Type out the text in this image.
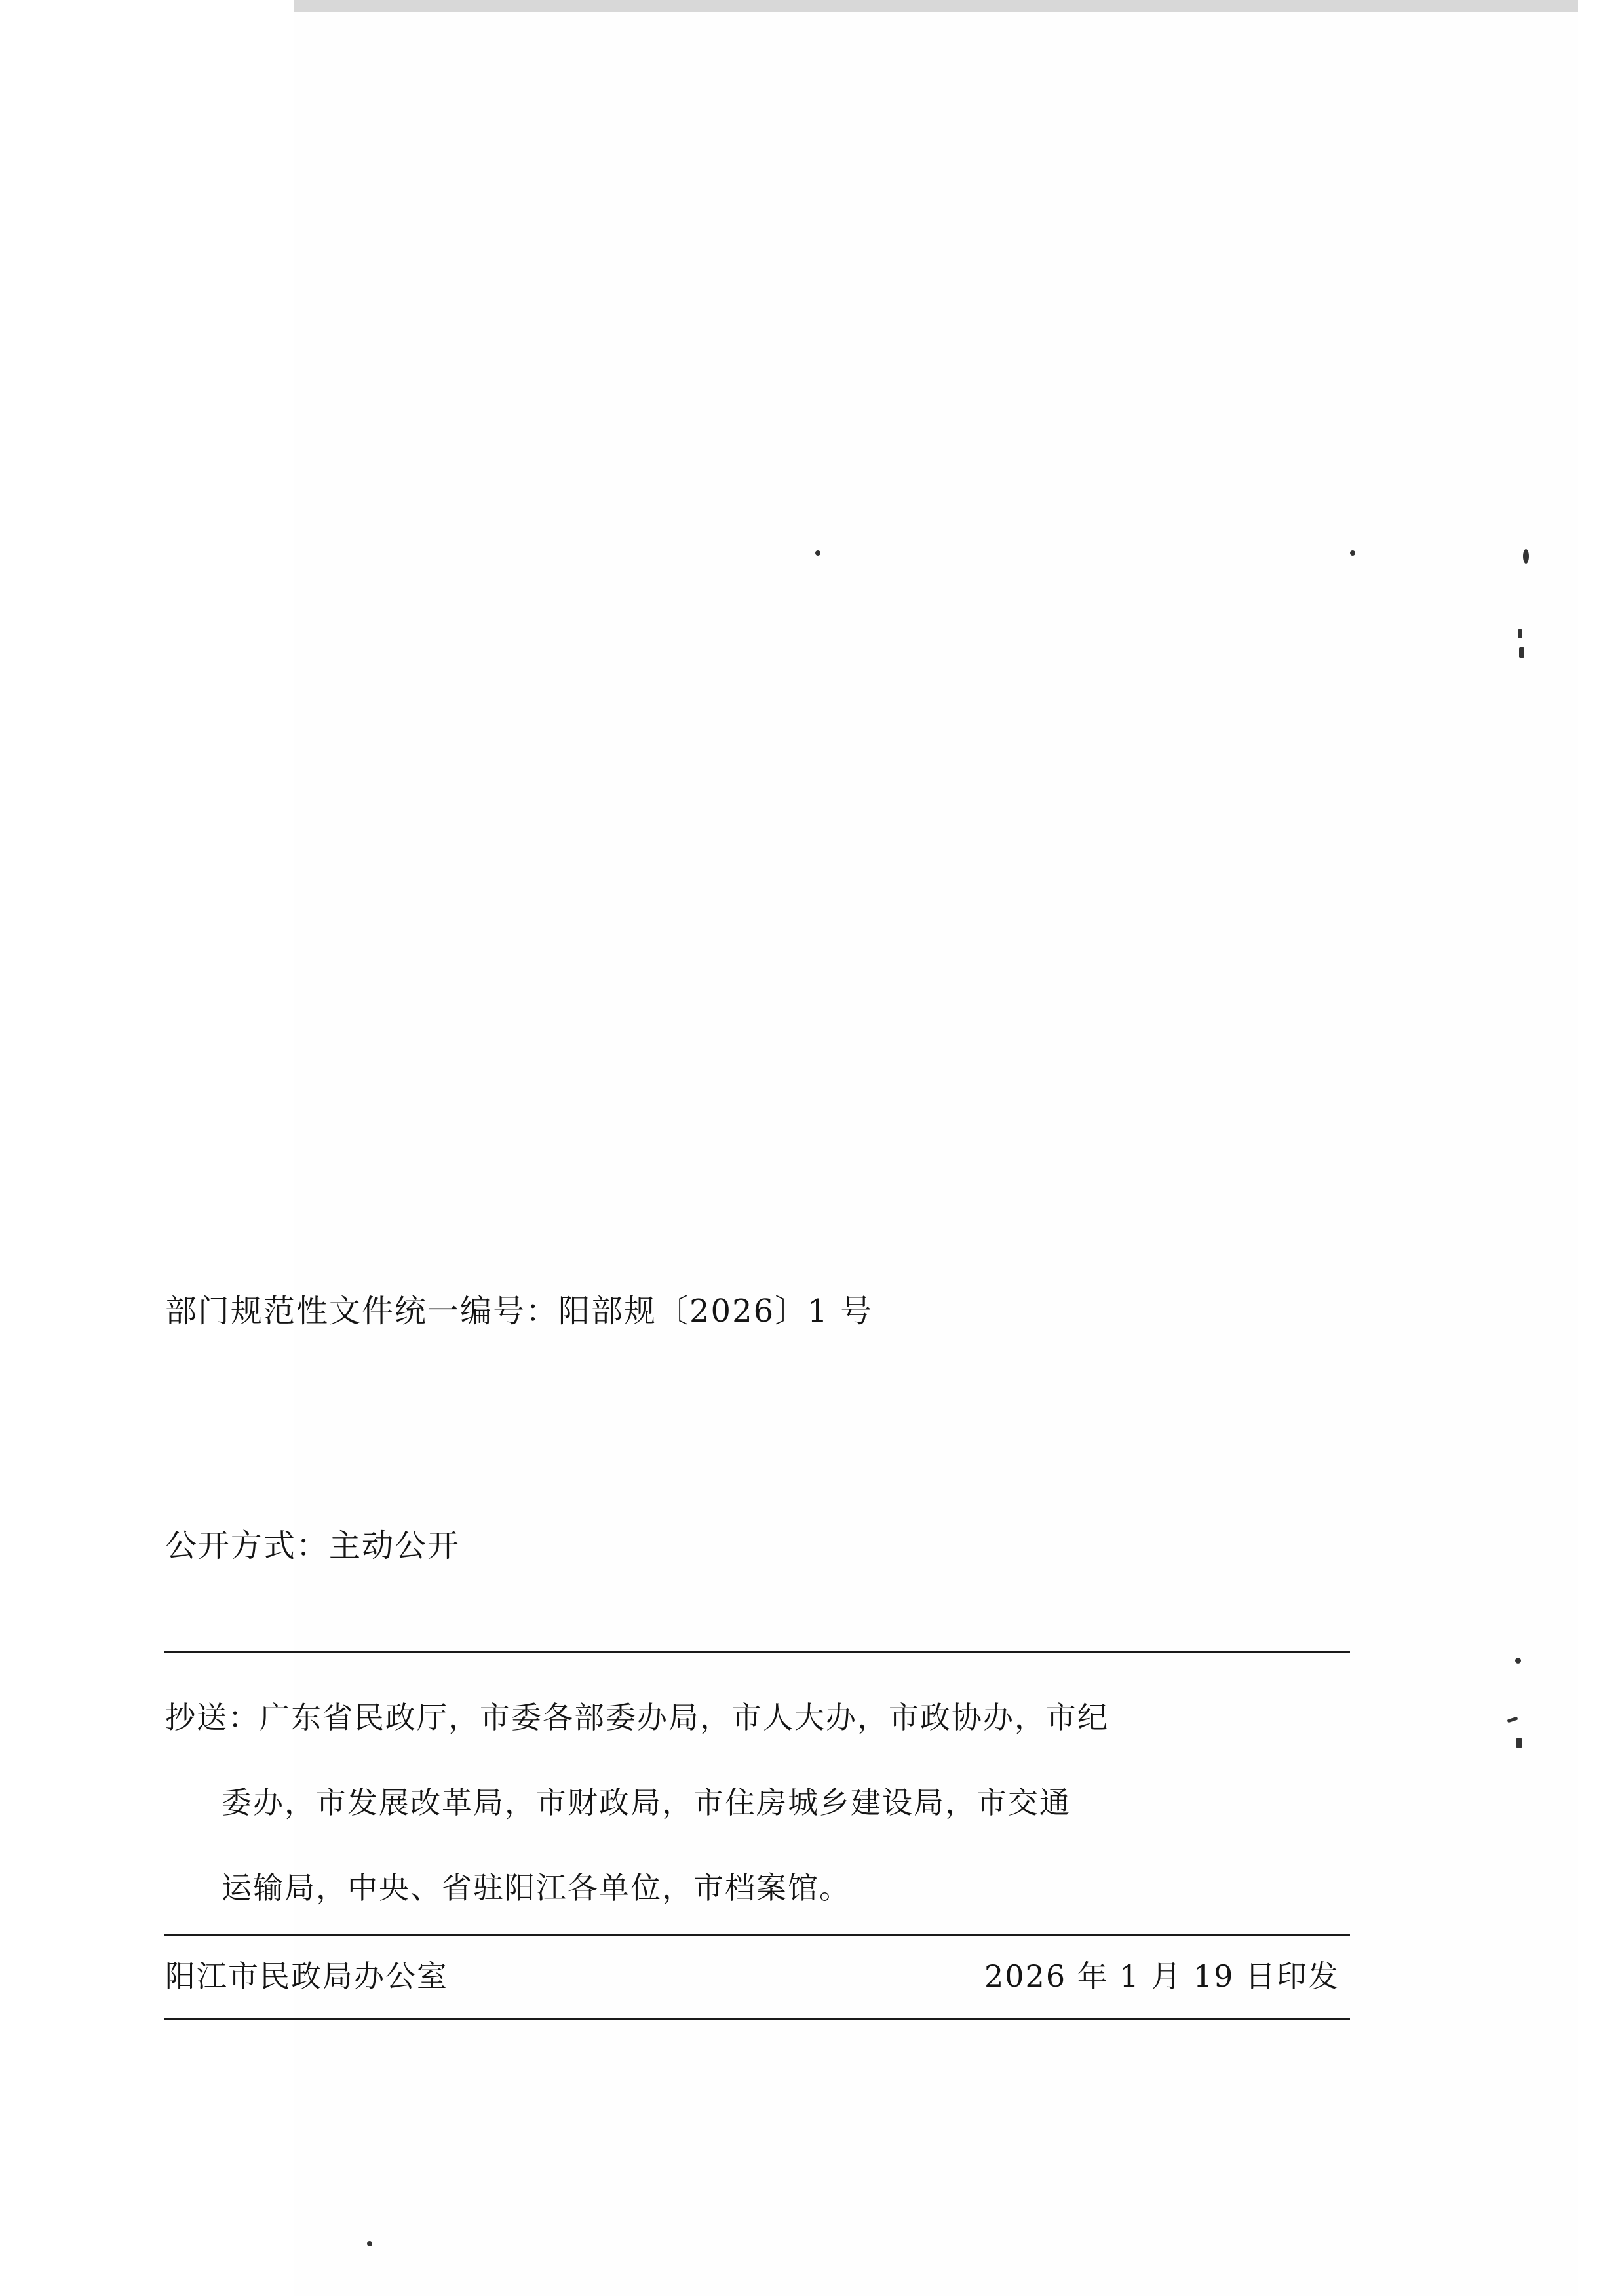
部门规范性文件统一编号：阳部规〔2026〕1 号
公开方式：主动公开
抄送：广东省民政厅，市委各部委办局，市人大办，市政协办，市纪
委办，市发展改革局，市财政局，市住房城乡建设局，市交通
运输局，中央、省驻阳江各单位，市档案馆。
阳江市民政局办公室	2026 年 1 月 19 日印发
